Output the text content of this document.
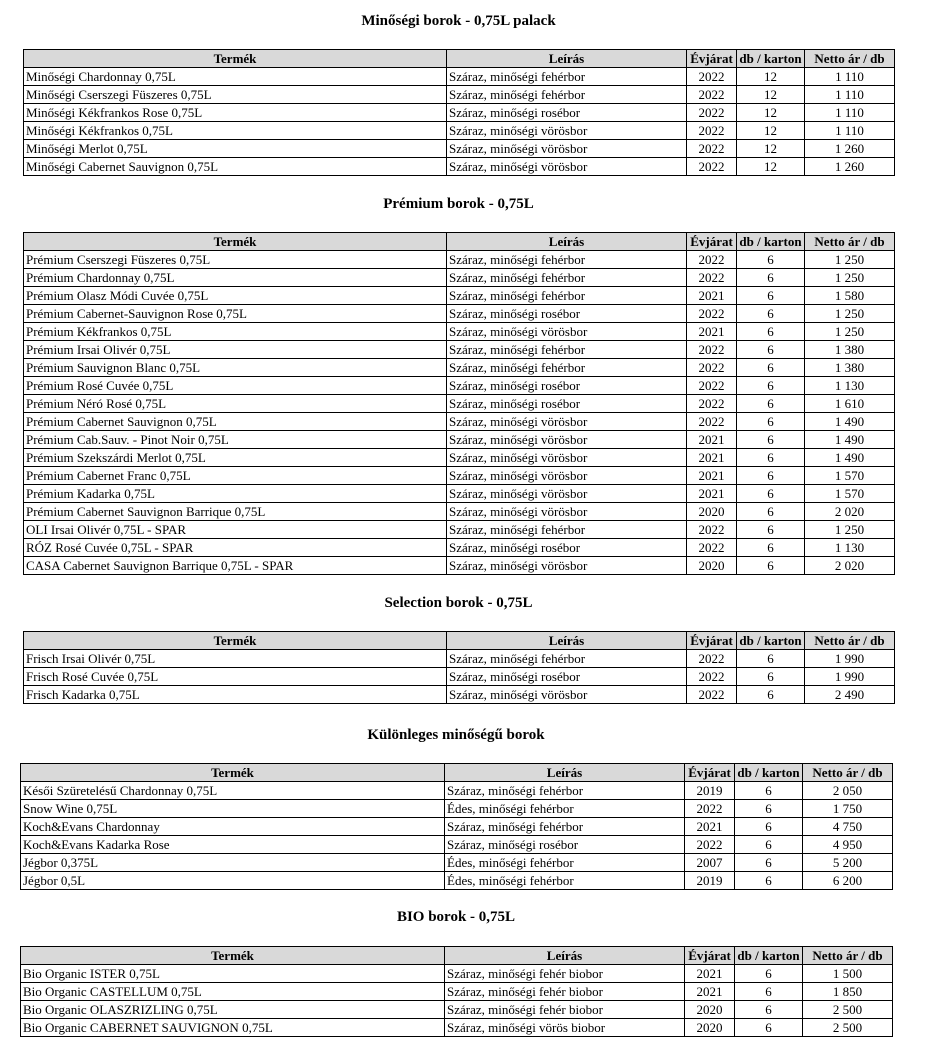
Minőségi borok - 0,75L palack
Termék	Leírás	Évjárat	db / karton	Netto ár / db
Minőségi Chardonnay 0,75L	Száraz, minőségi fehérbor	2022	12	1 110
Minőségi Cserszegi Füszeres 0,75L	Száraz, minőségi fehérbor	2022	12	1 110
Minőségi Kékfrankos Rose 0,75L	Száraz, minőségi rosébor	2022	12	1 110
Minőségi Kékfrankos 0,75L	Száraz, minőségi vörösbor	2022	12	1 110
Minőségi Merlot 0,75L	Száraz, minőségi vörösbor	2022	12	1 260
Minőségi Cabernet Sauvignon 0,75L	Száraz, minőségi vörösbor	2022	12	1 260
Prémium borok - 0,75L
Termék	Leírás	Évjárat	db / karton	Netto ár / db
Prémium Cserszegi Füszeres 0,75L	Száraz, minőségi fehérbor	2022	6	1 250
Prémium Chardonnay 0,75L	Száraz, minőségi fehérbor	2022	6	1 250
Prémium Olasz Módi Cuvée 0,75L	Száraz, minőségi fehérbor	2021	6	1 580
Prémium Cabernet-Sauvignon Rose 0,75L	Száraz, minőségi rosébor	2022	6	1 250
Prémium Kékfrankos 0,75L	Száraz, minőségi vörösbor	2021	6	1 250
Prémium Irsai Olivér 0,75L	Száraz, minőségi fehérbor	2022	6	1 380
Prémium Sauvignon Blanc 0,75L	Száraz, minőségi fehérbor	2022	6	1 380
Prémium Rosé Cuvée 0,75L	Száraz, minőségi rosébor	2022	6	1 130
Prémium Néró Rosé 0,75L	Száraz, minőségi rosébor	2022	6	1 610
Prémium Cabernet Sauvignon 0,75L	Száraz, minőségi vörösbor	2022	6	1 490
Prémium Cab.Sauv. - Pinot Noir 0,75L	Száraz, minőségi vörösbor	2021	6	1 490
Prémium Szekszárdi Merlot 0,75L	Száraz, minőségi vörösbor	2021	6	1 490
Prémium Cabernet Franc 0,75L	Száraz, minőségi vörösbor	2021	6	1 570
Prémium Kadarka 0,75L	Száraz, minőségi vörösbor	2021	6	1 570
Prémium Cabernet Sauvignon Barrique 0,75L	Száraz, minőségi vörösbor	2020	6	2 020
OLI Irsai Olivér 0,75L - SPAR	Száraz, minőségi fehérbor	2022	6	1 250
RÓZ Rosé Cuvée 0,75L - SPAR	Száraz, minőségi rosébor	2022	6	1 130
CASA Cabernet Sauvignon Barrique 0,75L - SPAR	Száraz, minőségi vörösbor	2020	6	2 020
Selection borok - 0,75L
Termék	Leírás	Évjárat	db / karton	Netto ár / db
Frisch Irsai Olivér 0,75L	Száraz, minőségi fehérbor	2022	6	1 990
Frisch Rosé Cuvée 0,75L	Száraz, minőségi rosébor	2022	6	1 990
Frisch Kadarka 0,75L	Száraz, minőségi vörösbor	2022	6	2 490
Különleges minőségű borok
Termék	Leírás	Évjárat	db / karton	Netto ár / db
Késői Szüretelésű Chardonnay 0,75L	Száraz, minőségi fehérbor	2019	6	2 050
Snow Wine 0,75L	Édes, minőségi fehérbor	2022	6	1 750
Koch&Evans Chardonnay	Száraz, minőségi fehérbor	2021	6	4 750
Koch&Evans Kadarka Rose	Száraz, minőségi rosébor	2022	6	4 950
Jégbor 0,375L	Édes, minőségi fehérbor	2007	6	5 200
Jégbor 0,5L	Édes, minőségi fehérbor	2019	6	6 200
BIO borok - 0,75L
Termék	Leírás	Évjárat	db / karton	Netto ár / db
Bio Organic ISTER 0,75L	Száraz, minőségi fehér biobor	2021	6	1 500
Bio Organic CASTELLUM 0,75L	Száraz, minőségi fehér biobor	2021	6	1 850
Bio Organic OLASZRIZLING 0,75L	Száraz, minőségi fehér biobor	2020	6	2 500
Bio Organic CABERNET SAUVIGNON 0,75L	Száraz, minőségi vörös biobor	2020	6	2 500
